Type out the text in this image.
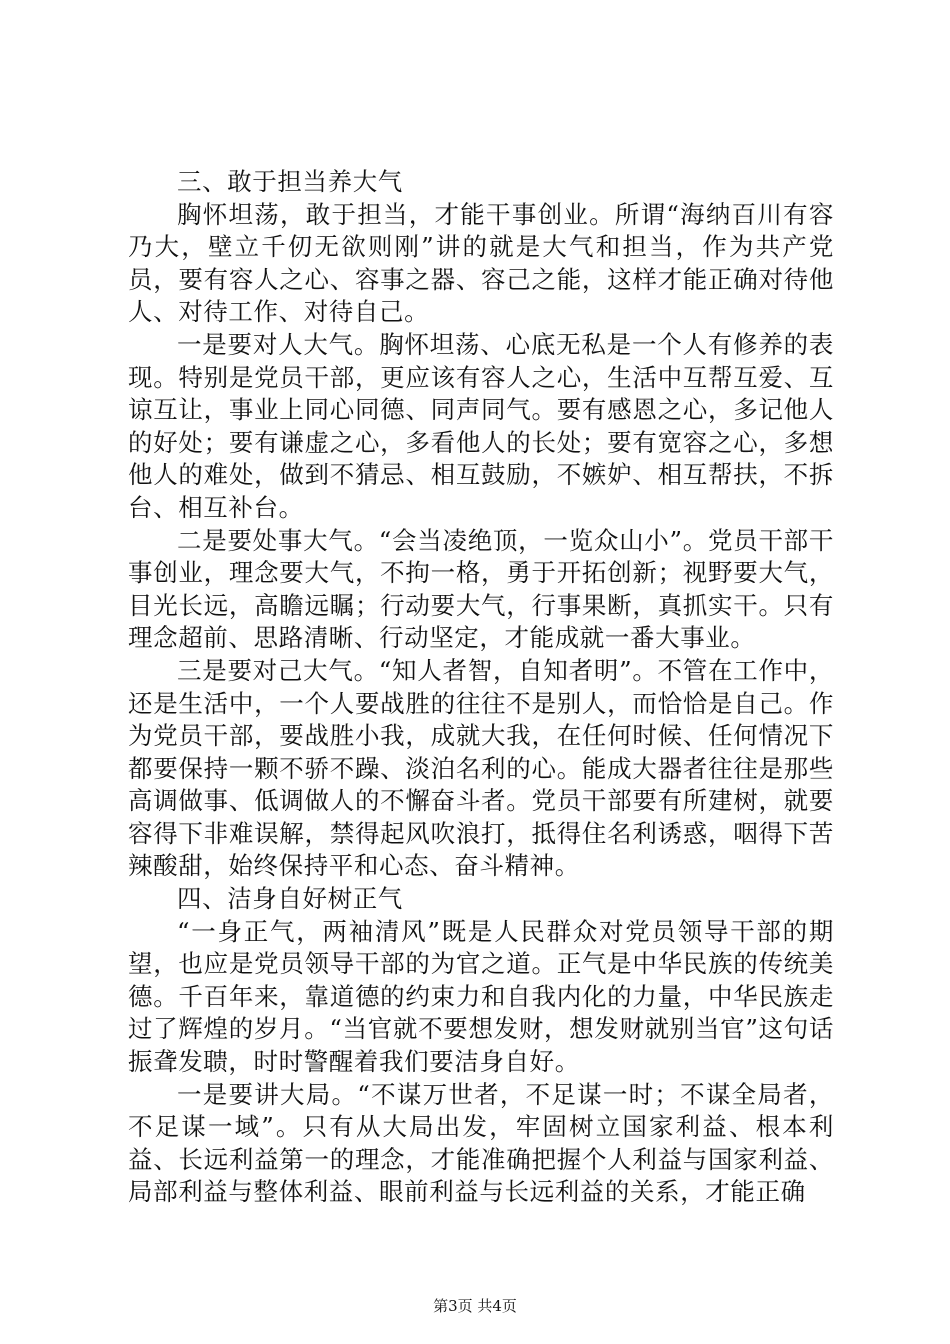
三、敢于担当养大气

胸怀坦荡，敢于担当，才能干事创业。所谓“海纳百川有容乃大，壁立千仞无欲则刚”讲的就是大气和担当，作为共产党员，要有容人之心、容事之器、容己之能，这样才能正确对待他人、对待工作、对待自己。

一是要对人大气。胸怀坦荡、心底无私是一个人有修养的表现。特别是党员干部，更应该有容人之心，生活中互帮互爱、互谅互让，事业上同心同德、同声同气。要有感恩之心，多记他人的好处；要有谦虚之心，多看他人的长处；要有宽容之心，多想他人的难处，做到不猜忌、相互鼓励，不嫉妒、相互帮扶，不拆台、相互补台。

二是要处事大气。“会当凌绝顶，一览众山小”。党员干部干事创业，理念要大气，不拘一格，勇于开拓创新；视野要大气，目光长远，高瞻远瞩；行动要大气，行事果断，真抓实干。只有理念超前、思路清晰、行动坚定，才能成就一番大事业。

三是要对己大气。“知人者智，自知者明”。不管在工作中，还是生活中，一个人要战胜的往往不是别人，而恰恰是自己。作为党员干部，要战胜小我，成就大我，在任何时候、任何情况下都要保持一颗不骄不躁、淡泊名利的心。能成大器者往往是那些高调做事、低调做人的不懈奋斗者。党员干部要有所建树，就要容得下非难误解，禁得起风吹浪打，抵得住名利诱惑，咽得下苦辣酸甜，始终保持平和心态、奋斗精神。

四、洁身自好树正气

“一身正气，两袖清风”既是人民群众对党员领导干部的期望，也应是党员领导干部的为官之道。正气是中华民族的传统美德。千百年来，靠道德的约束力和自我内化的力量，中华民族走过了辉煌的岁月。“当官就不要想发财，想发财就别当官”这句话振聋发聩，时时警醒着我们要洁身自好。

一是要讲大局。“不谋万世者，不足谋一时；不谋全局者，不足谋一域”。只有从大局出发，牢固树立国家利益、根本利益、长远利益第一的理念，才能准确把握个人利益与国家利益、局部利益与整体利益、眼前利益与长远利益的关系，才能正确

第3页 共4页
